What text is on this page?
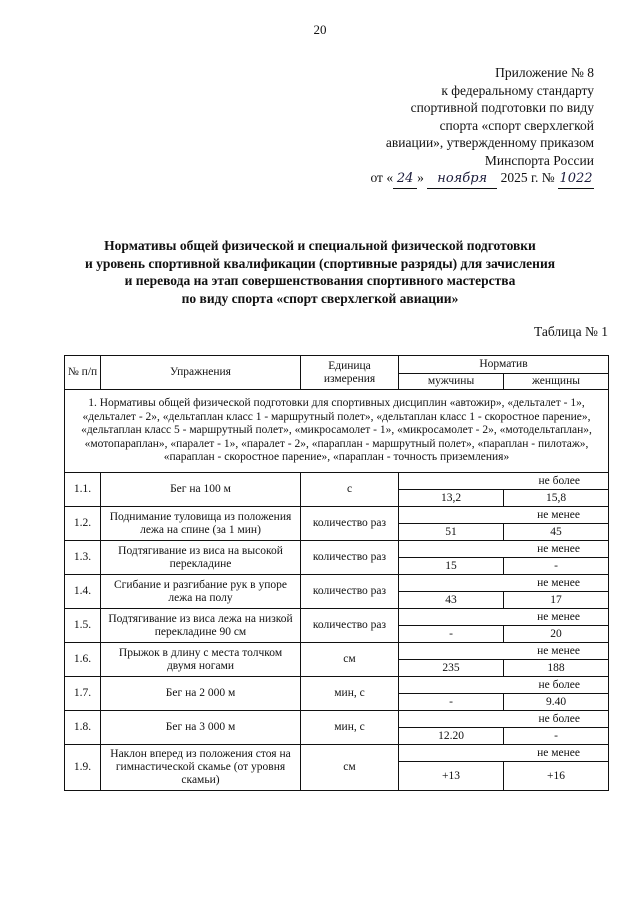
20
Приложение № 8
к федеральному стандарту
спортивной подготовки по виду
спорта «спорт сверхлегкой
авиации», утвержденному приказом
Минспорта России
от « 24 » ноября 2025 г. № 1022
Нормативы общей физической и специальной физической подготовки
и уровень спортивной квалификации (спортивные разряды) для зачисления
и перевода на этап совершенствования спортивного мастерства
по виду спорта «спорт сверхлегкой авиации»
Таблица № 1
№ п/п	Упражнения	Единица измерения	Норматив	
			мужчины	женщины
1. Нормативы общей физической подготовки для спортивных дисциплин «автожир», «дельталет - 1», «дельталет - 2», «дельтаплан класс 1 - маршрутный полет», «дельтаплан класс 1 - скоростное парение», «дельтаплан класс 5 - маршрутный полет», «микросамолет - 1», «микросамолет - 2», «мотодельтаплан», «мотопараплан», «паралет - 1», «паралет - 2», «параплан - маршрутный полет», «параплан - пилотаж», «параплан - скоростное парение», «параплан - точность приземления»				
1.1.	Бег на 100 м	с	не более	
			13,2	15,8
1.2.	Поднимание туловища из положения лежа на спине (за 1 мин)	количество раз	не менее	
			51	45
1.3.	Подтягивание из виса на высокой перекладине	количество раз	не менее	
			15	-
1.4.	Сгибание и разгибание рук в упоре лежа на полу	количество раз	не менее	
			43	17
1.5.	Подтягивание из виса лежа на низкой перекладине 90 см	количество раз	не менее	
			-	20
1.6.	Прыжок в длину с места толчком двумя ногами	см	не менее	
			235	188
1.7.	Бег на 2 000 м	мин, с	не более	
			-	9.40
1.8.	Бег на 3 000 м	мин, с	не более	
			12.20	-
1.9.	Наклон вперед из положения стоя на гимнастической скамье (от уровня скамьи)	см	не менее	
			+13	+16
